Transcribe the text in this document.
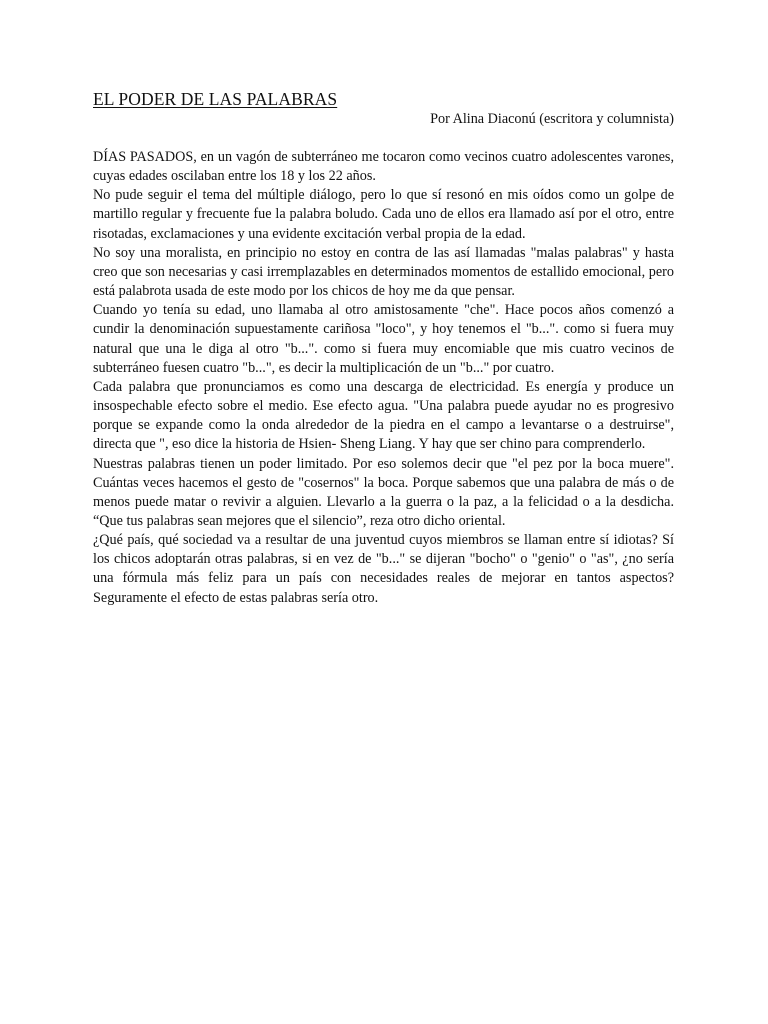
EL PODER DE LAS PALABRAS

Por Alina Diaconú (escritora y columnista)

DÍAS PASADOS, en un vagón de subterráneo me tocaron como vecinos cuatro adolescentes varones, cuyas edades oscilaban entre los 18 y los 22 años.

No pude seguir el tema del múltiple diálogo, pero lo que sí resonó en mis oídos como un golpe de martillo regular y frecuente fue la palabra boludo. Cada uno de ellos era llamado así por el otro, entre risotadas, exclamaciones y una evidente excitación verbal propia de la edad.

No soy una moralista, en principio no estoy en contra de las así llamadas "malas palabras" y hasta creo que son necesarias y casi irremplazables en determinados momentos de estallido emocional, pero está palabrota usada de este modo por los chicos de hoy me da que pensar.

Cuando yo tenía su edad, uno llamaba al otro amistosamente "che". Hace pocos años comenzó a cundir la denominación supuestamente cariñosa "loco", y hoy tenemos el "b...". como si fuera muy natural que una le diga al otro "b...". como si fuera muy encomiable que mis cuatro vecinos de subterráneo fuesen cuatro "b...", es decir la multiplicación de un "b..." por cuatro.

Cada palabra que pronunciamos es como una descarga de electricidad. Es energía y produce un insospechable efecto sobre el medio. Ese efecto agua. "Una palabra puede ayudar no es progresivo porque se expande como la onda alrededor de la piedra en el campo a levantarse o a destruirse", directa que ", eso dice la historia de Hsien- Sheng Liang. Y hay que ser chino para comprenderlo.

Nuestras palabras tienen un poder limitado. Por eso solemos decir que "el pez por la boca muere". Cuántas veces hacemos el gesto de "cosernos" la boca. Porque sabemos que una palabra de más o de menos puede matar o revivir a alguien. Llevarlo a la guerra o la paz, a la felicidad o a la desdicha. “Que tus palabras sean mejores que el silencio”, reza otro dicho oriental.

¿Qué país, qué sociedad va a resultar de una juventud cuyos miembros se llaman entre sí idiotas? Sí los chicos adoptarán otras palabras, si en vez de "b..." se dijeran "bocho" o "genio" o "as", ¿no sería una fórmula más feliz para un país con necesidades reales de mejorar en tantos aspectos? Seguramente el efecto de estas palabras sería otro.
